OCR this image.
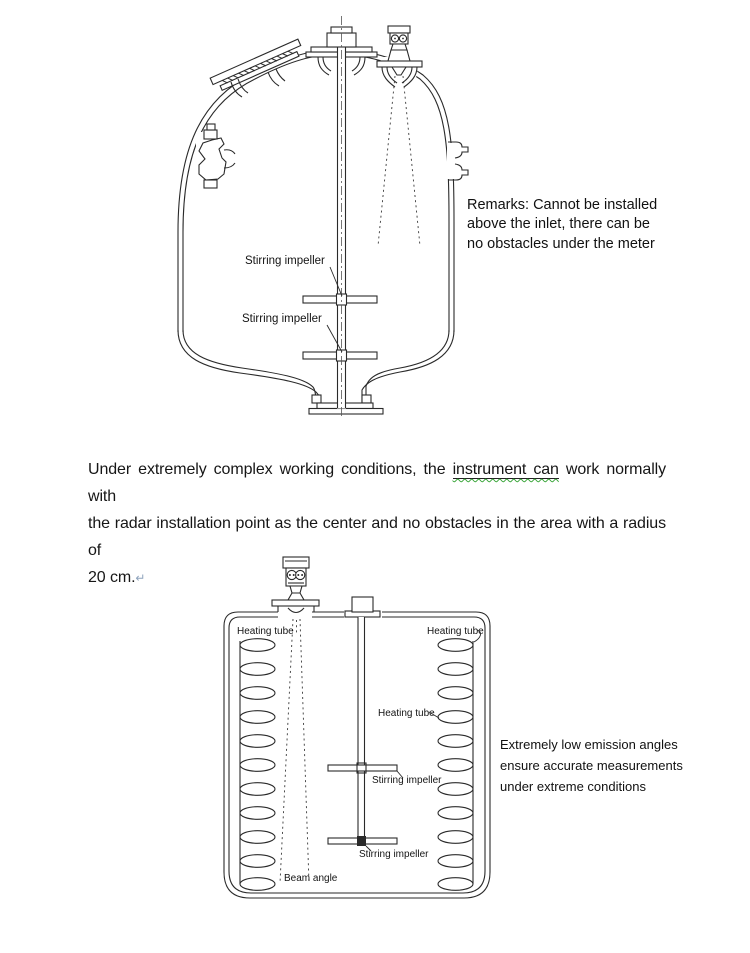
Stirring impeller
Stirring impeller
Remarks: Cannot be installed
above the inlet, there can be
no obstacles under the meter
Under extremely complex working conditions, the instrument can work normally with
the radar installation point as the center and no obstacles in the area with a radius of
20 cm.↵
Heating tube	Heating tube
Heating tube
Stirring impeller
Stirring impeller
Beam angle
Extremely low emission angles
ensure accurate measurements
under extreme conditions
